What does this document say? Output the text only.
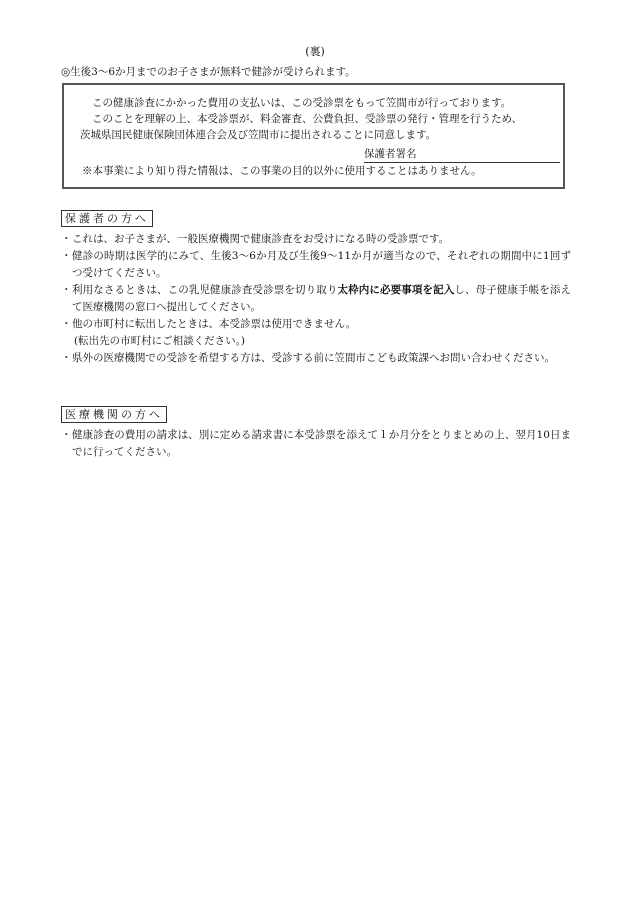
(裏)
◎生後3～6か月までのお子さまが無料で健診が受けられます。
この健康診査にかかった費用の支払いは、この受診票をもって笠間市が行っております。
このことを理解の上、本受診票が、料金審査、公費負担、受診票の発行・管理を行うため、
茨城県国民健康保険団体連合会及び笠間市に提出されることに同意します。
保護者署名
※本事業により知り得た情報は、この事業の目的以外に使用することはありません。
保護者の方へ
・ これは、お子さまが、一般医療機関で健康診査をお受けになる時の受診票です。
・ 健診の時期は医学的にみて、生後3～6か月及び生後9～11か月が適当なので、それぞれの期間中に1回ずつ受けてください。
・ 利用なさるときは、この乳児健康診査受診票を切り取り太枠内に必要事項を記入し、母子健康手帳を添えて医療機関の窓口へ提出してください。
・ 他の市町村に転出したときは、本受診票は使用できません。
(転出先の市町村にご相談ください。)
・ 県外の医療機関での受診を希望する方は、受診する前に笠間市こども政策課へお問い合わせください。
医療機関の方へ
・ 健康診査の費用の請求は、別に定める請求書に本受診票を添えて１か月分をとりまとめの上、翌月10日までに行ってください。
